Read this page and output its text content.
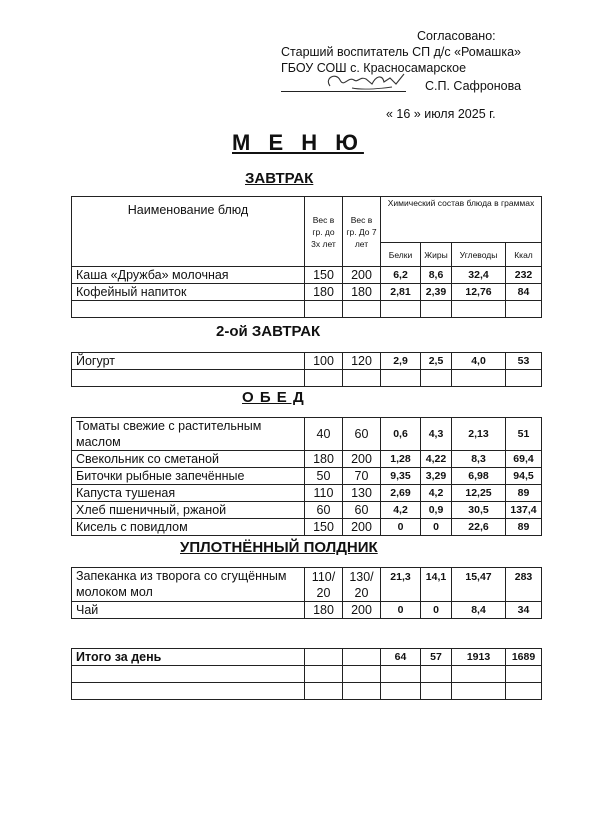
Согласовано:
Старший воспитатель СП д/с «Ромашка»
ГБОУ СОШ с. Красносамарское
С.П. Сафронова
« 16 » июля 2025 г.
М Е Н Ю
ЗАВТРАК
Наименование блюд	Вес в гр. до 3х лет	Вес в гр. До 7 лет	Химический состав блюда в граммах			
			Белки	Жиры	Углеводы	Ккал
Каша «Дружба» молочная	150	200	6,2	8,6	32,4	232
Кофейный напиток	180	180	2,81	2,39	12,76	84

2-ой ЗАВТРАК
Йогурт	100	120	2,9	2,5	4,0	53

О Б Е Д
Томаты свежие с растительным маслом	40	60	0,6	4,3	2,13	51
Свекольник со сметаной	180	200	1,28	4,22	8,3	69,4
Биточки рыбные запечённые	50	70	9,35	3,29	6,98	94,5
Капуста тушеная	110	130	2,69	4,2	12,25	89
Хлеб пшеничный, ржаной	60	60	4,2	0,9	30,5	137,4
Кисель с повидлом	150	200	0	0	22,6	89
УПЛОТНЁННЫЙ ПОЛДНИК
Запеканка из творога со сгущённым молоком мол	110/ 20	130/ 20	21,3	14,1	15,47	283
Чай	180	200	0	0	8,4	34
Итого за день			64	57	1913	1689
